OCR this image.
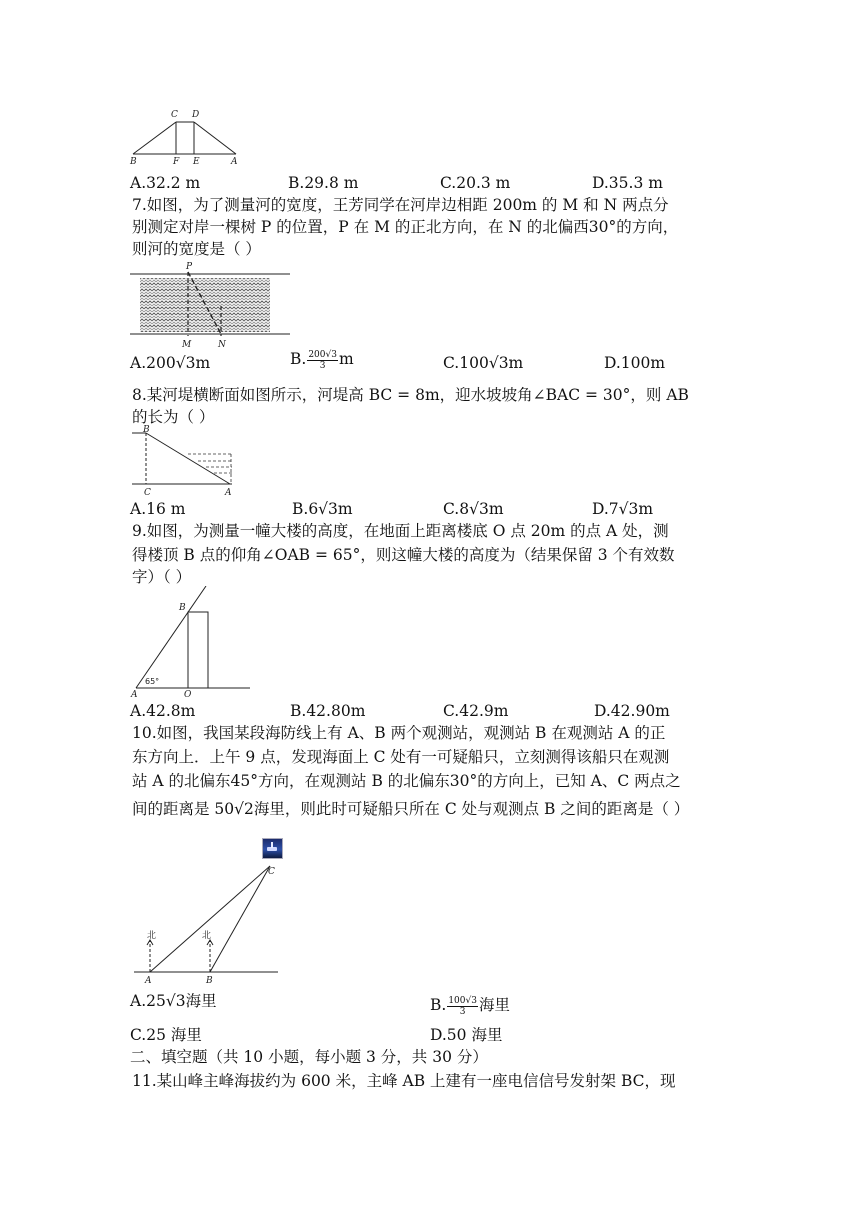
C D
B	F E	A
A.32.2 m	B.29.8 m	C.20.3 m	D.35.3 m
7.如图，为了测量河的宽度，王芳同学在河岸边相距 200m 的 M 和 N 两点分
别测定对岸一棵树 P 的位置，P 在 M 的正北方向，在 N 的北偏西30°的方向，
则河的宽度是（ ）
P
M	N
A.200√3m	B. $\frac{200√3}{3}$ m	C.100√3m	D.100m
8.某河堤横断面如图所示，河堤高 BC = 8m，迎水坡坡角∠BAC = 30°，则 AB
的长为（ ）
B
C	A
A.16 m	B.6√3m	C.8√3m	D.7√3m
9.如图，为测量一幢大楼的高度，在地面上距离楼底 O 点 20m 的点 A 处，测
得楼顶 B 点的仰角∠OAB = 65°，则这幢大楼的高度为（结果保留 3 个有效数
字）（ ）
B
65°
A	O
A.42.8m	B.42.80m	C.42.9m	D.42.90m
10.如图，我国某段海防线上有 A、B 两个观测站，观测站 B 在观测站 A 的正
东方向上．上午 9 点，发现海面上 C 处有一可疑船只，立刻测得该船只在观测
站 A 的北偏东45°方向，在观测站 B 的北偏东30°的方向上，已知 A、C 两点之
间的距离是 50√2海里，则此时可疑船只所在 C 处与观测点 B 之间的距离是（ ）
C
北	北
A	B
A.25√3海里	B. $\frac{100√3}{3}$ 海里
C.25 海里	D.50 海里
二、填空题（共 10 小题，每小题 3 分，共 30 分）
11.某山峰主峰海拔约为 600 米，主峰 AB 上建有一座电信信号发射架 BC，现
